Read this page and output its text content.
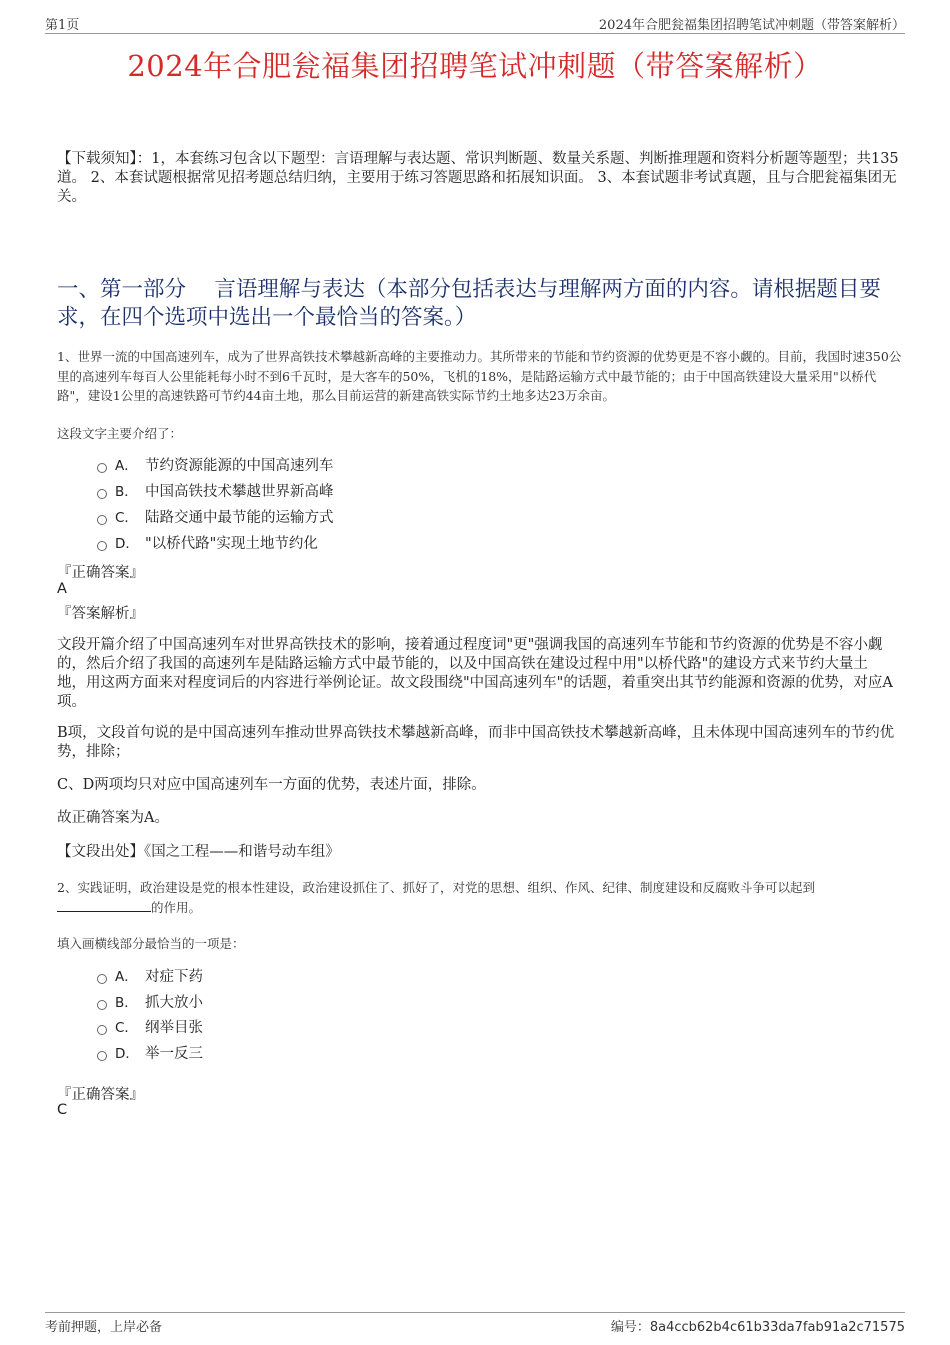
第1页	2024年合肥瓮福集团招聘笔试冲刺题（带答案解析）
2024年合肥瓮福集团招聘笔试冲刺题（带答案解析）
【下载须知】：1，本套练习包含以下题型：言语理解与表达题、常识判断题、数量关系题、判断推理题和资料分析题等题型；共135道。 2、本套试题根据常见招考题总结归纳，主要用于练习答题思路和拓展知识面。 3、本套试题非考试真题，且与合肥瓮福集团无关。
一、第一部分　 言语理解与表达（本部分包括表达与理解两方面的内容。请根据题目要求，在四个选项中选出一个最恰当的答案。）
1、世界一流的中国高速列车，成为了世界高铁技术攀越新高峰的主要推动力。其所带来的节能和节约资源的优势更是不容小觑的。目前，我国时速350公里的高速列车每百人公里能耗每小时不到6千瓦时，是大客车的50%，飞机的18%，是陆路运输方式中最节能的；由于中国高铁建设大量采用"以桥代路"，建设1公里的高速铁路可节约44亩土地，那么目前运营的新建高铁实际节约土地多达23万余亩。
这段文字主要介绍了：
A． 节约资源能源的中国高速列车
B． 中国高铁技术攀越世界新高峰
C． 陆路交通中最节能的运输方式
D． "以桥代路"实现土地节约化
『正确答案』
A
『答案解析』
文段开篇介绍了中国高速列车对世界高铁技术的影响，接着通过程度词"更"强调我国的高速列车节能和节约资源的优势是不容小觑的，然后介绍了我国的高速列车是陆路运输方式中最节能的，以及中国高铁在建设过程中用"以桥代路"的建设方式来节约大量土地，用这两方面来对程度词后的内容进行举例论证。故文段围绕"中国高速列车"的话题，着重突出其节约能源和资源的优势，对应A项。
B项，文段首句说的是中国高速列车推动世界高铁技术攀越新高峰，而非中国高铁技术攀越新高峰，且未体现中国高速列车的节约优势，排除；
C、D两项均只对应中国高速列车一方面的优势，表述片面，排除。
故正确答案为A。
【文段出处】《国之工程——和谐号动车组》
2、实践证明，政治建设是党的根本性建设，政治建设抓住了、抓好了，对党的思想、组织、作风、纪律、制度建设和反腐败斗争可以起到的作用。
填入画横线部分最恰当的一项是：
A． 对症下药
B． 抓大放小
C． 纲举目张
D． 举一反三
『正确答案』
C
考前押题，上岸必备	编号：8a4ccb62b4c61b33da7fab91a2c71575
